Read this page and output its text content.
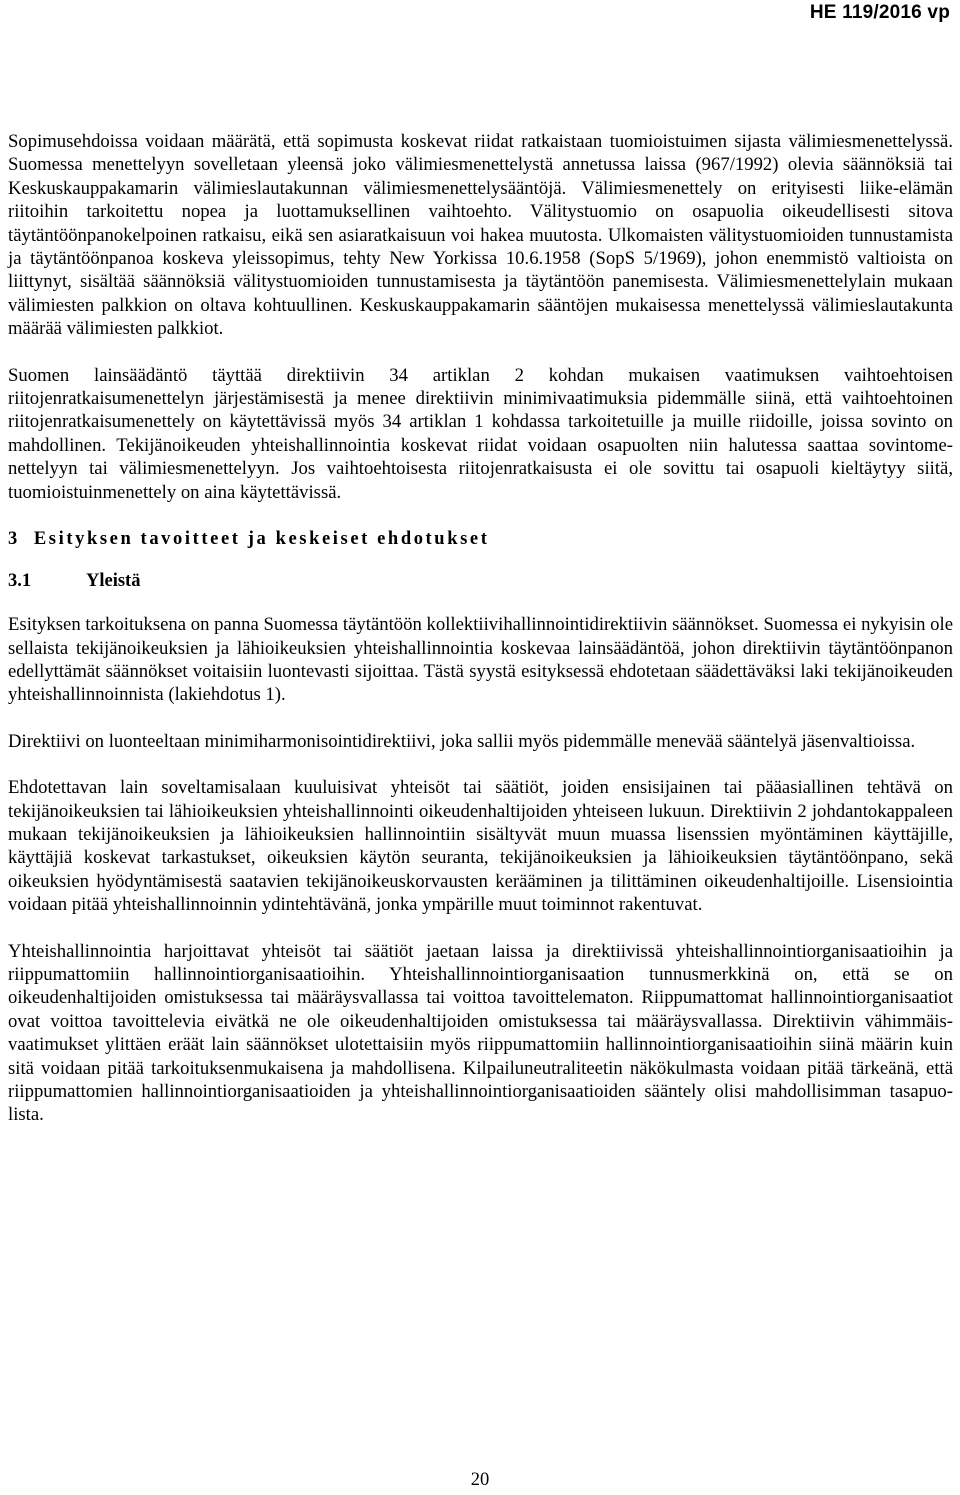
HE 119/2016 vp

Sopimusehdoissa voidaan määrätä, että sopimusta koskevat riidat ratkaistaan tuomioistuimen sijasta välimiesmenettelyssä. Suomessa menettelyyn sovelletaan yleensä joko välimiesmenettelystä annetussa laissa (967/1992) olevia säännöksiä tai Keskuskauppakamarin välimieslautakunnan välimiesmenettelysääntöjä. Välimiesmenettely on erityisesti liike-elämän riitoihin tarkoitettu nopea ja luottamuksellinen vaihtoehto. Välitystuomio on osapuolia oikeudellisesti sitova täytäntöönpanokelpoinen ratkaisu, eikä sen asiaratkaisuun voi hakea muutosta. Ulkomaisten välitystuomioiden tunnustamista ja täytäntöönpanoa koskeva yleissopimus, tehty New Yorkissa 10.6.1958 (SopS 5/1969), johon enemmistö valtioista on liittynyt, sisältää säännöksiä välitystuomioiden tunnustamisesta ja täytäntöön panemisesta. Välimiesmenettelylain mukaan välimiesten palkkion on oltava kohtuullinen. Keskuskauppakamarin sääntöjen mukaisessa menettelyssä välimieslautakunta määrää välimiesten palkkiot.

Suomen lainsäädäntö täyttää direktiivin 34 artiklan 2 kohdan mukaisen vaatimuksen vaihtoehtoisen riitojenratkaisumenettelyn järjestämisestä ja menee direktiivin minimivaatimuksia pidemmälle siinä, että vaihtoehtoinen riitojenratkaisumenettely on käytettävissä myös 34 artiklan 1 kohdassa tarkoitetuille ja muille riidoille, joissa sovinto on mahdollinen. Tekijänoikeuden yhteishallinnointia koskevat riidat voidaan osapuolten niin halutessa saattaa sovintomenettelyyn tai välimiesmenettelyyn. Jos vaihtoehtoisesta riitojenratkaisusta ei ole sovittu tai osapuoli kieltäytyy siitä, tuomioistuinmenettely on aina käytettävissä.

3 Esityksen tavoitteet ja keskeiset ehdotukset
3.1	Yleistä

Esityksen tarkoituksena on panna Suomessa täytäntöön kollektiivihallinnointidirektiivin säännökset. Suomessa ei nykyisin ole sellaista tekijänoikeuksien ja lähioikeuksien yhteishallinnointia koskevaa lainsäädäntöä, johon direktiivin täytäntöönpanon edellyttämät säännökset voitaisiin luontevasti sijoittaa. Tästä syystä esityksessä ehdotetaan säädettäväksi laki tekijänoikeuden yhteishallinnoinnista (lakiehdotus 1).

Direktiivi on luonteeltaan minimiharmonisointidirektiivi, joka sallii myös pidemmälle menevää sääntelyä jäsenvaltioissa.

Ehdotettavan lain soveltamisalaan kuuluisivat yhteisöt tai säätiöt, joiden ensisijainen tai pääasiallinen tehtävä on tekijänoikeuksien tai lähioikeuksien yhteishallinnointi oikeudenhaltijoiden yhteiseen lukuun. Direktiivin 2 johdantokappaleen mukaan tekijänoikeuksien ja lähioikeuksien hallinnointiin sisältyvät muun muassa lisenssien myöntäminen käyttäjille, käyttäjiä koskevat tarkastukset, oikeuksien käytön seuranta, tekijänoikeuksien ja lähioikeuksien täytäntöönpano, sekä oikeuksien hyödyntämisestä saatavien tekijänoikeuskorvausten kerääminen ja tilittäminen oikeudenhaltijoille. Lisensiointia voidaan pitää yhteishallinnoinnin ydintehtävänä, jonka ympärille muut toiminnot rakentuvat.

Yhteishallinnointia harjoittavat yhteisöt tai säätiöt jaetaan laissa ja direktiivissä yhteishallinnointiorganisaatioihin ja riippumattomiin hallinnointiorganisaatioihin. Yhteishallinnointiorganisaation tunnusmerkkinä on, että se on oikeudenhaltijoiden omistuksessa tai määräysvallassa tai voittoa tavoittelematon. Riippumattomat hallinnointiorganisaatiot ovat voittoa tavoittelevia eivätkä ne ole oikeudenhaltijoiden omistuksessa tai määräysvallassa. Direktiivin vähimmäisvaatimukset ylittäen eräät lain säännökset ulotettaisiin myös riippumattomiin hallinnointiorganisaatioihin siinä määrin kuin sitä voidaan pitää tarkoituksenmukaisena ja mahdollisena. Kilpailuneutraliteetin näkökulmasta voidaan pitää tärkeänä, että riippumattomien hallinnointiorganisaatioiden ja yhteishallinnointiorganisaatioiden sääntely olisi mahdollisimman tasapuolista.

20
